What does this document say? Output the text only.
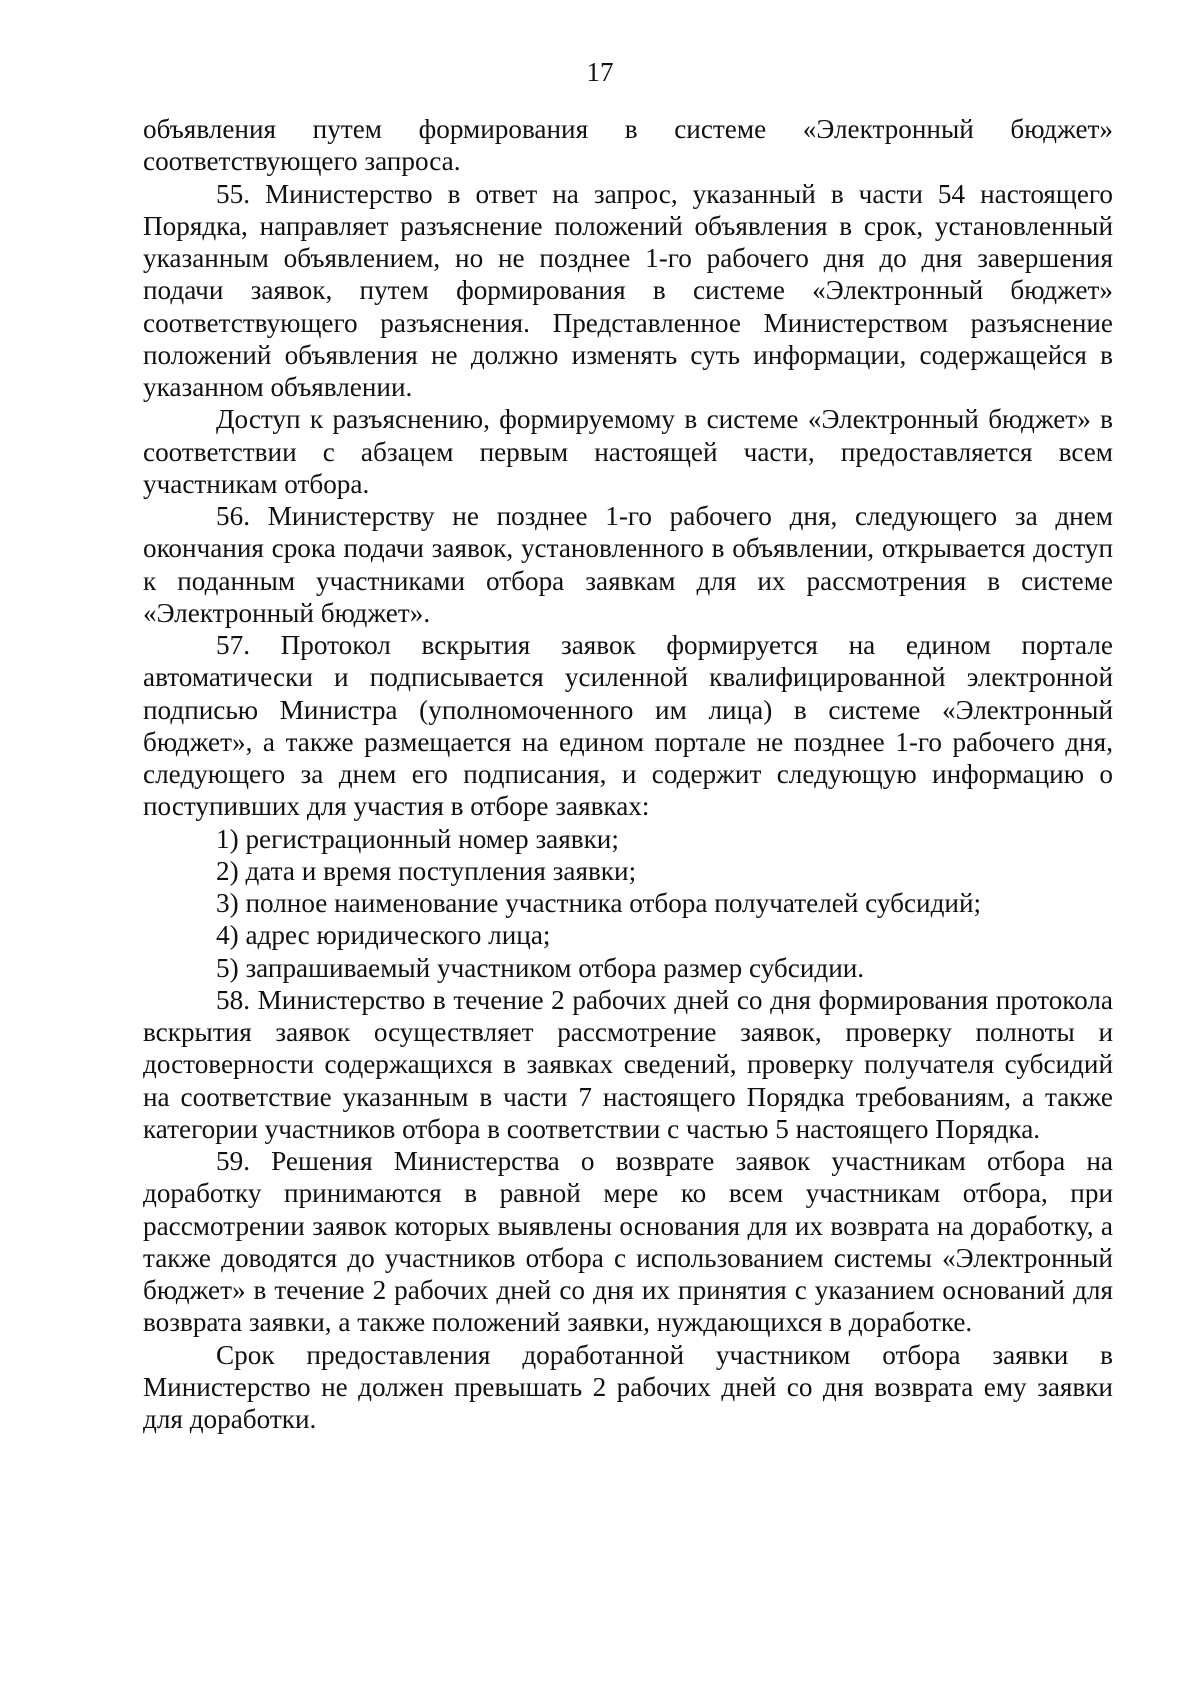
17

объявления путем формирования в системе «Электронный бюджет» соответствующего запроса.

55. Министерство в ответ на запрос, указанный в части 54 настоящего Порядка, направляет разъяснение положений объявления в срок, установленный указанным объявлением, но не позднее 1-го рабочего дня до дня завершения подачи заявок, путем формирования в системе «Электронный бюджет» соответствующего разъяснения. Представленное Министерством разъяснение положений объявления не должно изменять суть информации, содержащейся в указанном объявлении.

Доступ к разъяснению, формируемому в системе «Электронный бюджет» в соответствии с абзацем первым настоящей части, предоставляется всем участникам отбора.

56. Министерству не позднее 1-го рабочего дня, следующего за днем окончания срока подачи заявок, установленного в объявлении, открывается доступ к поданным участниками отбора заявкам для их рассмотрения в системе «Электронный бюджет».

57. Протокол вскрытия заявок формируется на едином портале автоматически и подписывается усиленной квалифицированной электронной подписью Министра (уполномоченного им лица) в системе «Электронный бюджет», а также размещается на едином портале не позднее 1-го рабочего дня, следующего за днем его подписания, и содержит следующую информацию о поступивших для участия в отборе заявках:

1) регистрационный номер заявки;

2) дата и время поступления заявки;

3) полное наименование участника отбора получателей субсидий;

4) адрес юридического лица;

5) запрашиваемый участником отбора размер субсидии.

58. Министерство в течение 2 рабочих дней со дня формирования протокола вскрытия заявок осуществляет рассмотрение заявок, проверку полноты и достоверности содержащихся в заявках сведений, проверку получателя субсидий на соответствие указанным в части 7 настоящего Порядка требованиям, а также категории участников отбора в соответствии с частью 5 настоящего Порядка.

59. Решения Министерства о возврате заявок участникам отбора на доработку принимаются в равной мере ко всем участникам отбора, при рассмотрении заявок которых выявлены основания для их возврата на доработку, а также доводятся до участников отбора с использованием системы «Электронный бюджет» в течение 2 рабочих дней со дня их принятия с указанием оснований для возврата заявки, а также положений заявки, нуждающихся в доработке.

Срок предоставления доработанной участником отбора заявки в Министерство не должен превышать 2 рабочих дней со дня возврата ему заявки для доработки.
